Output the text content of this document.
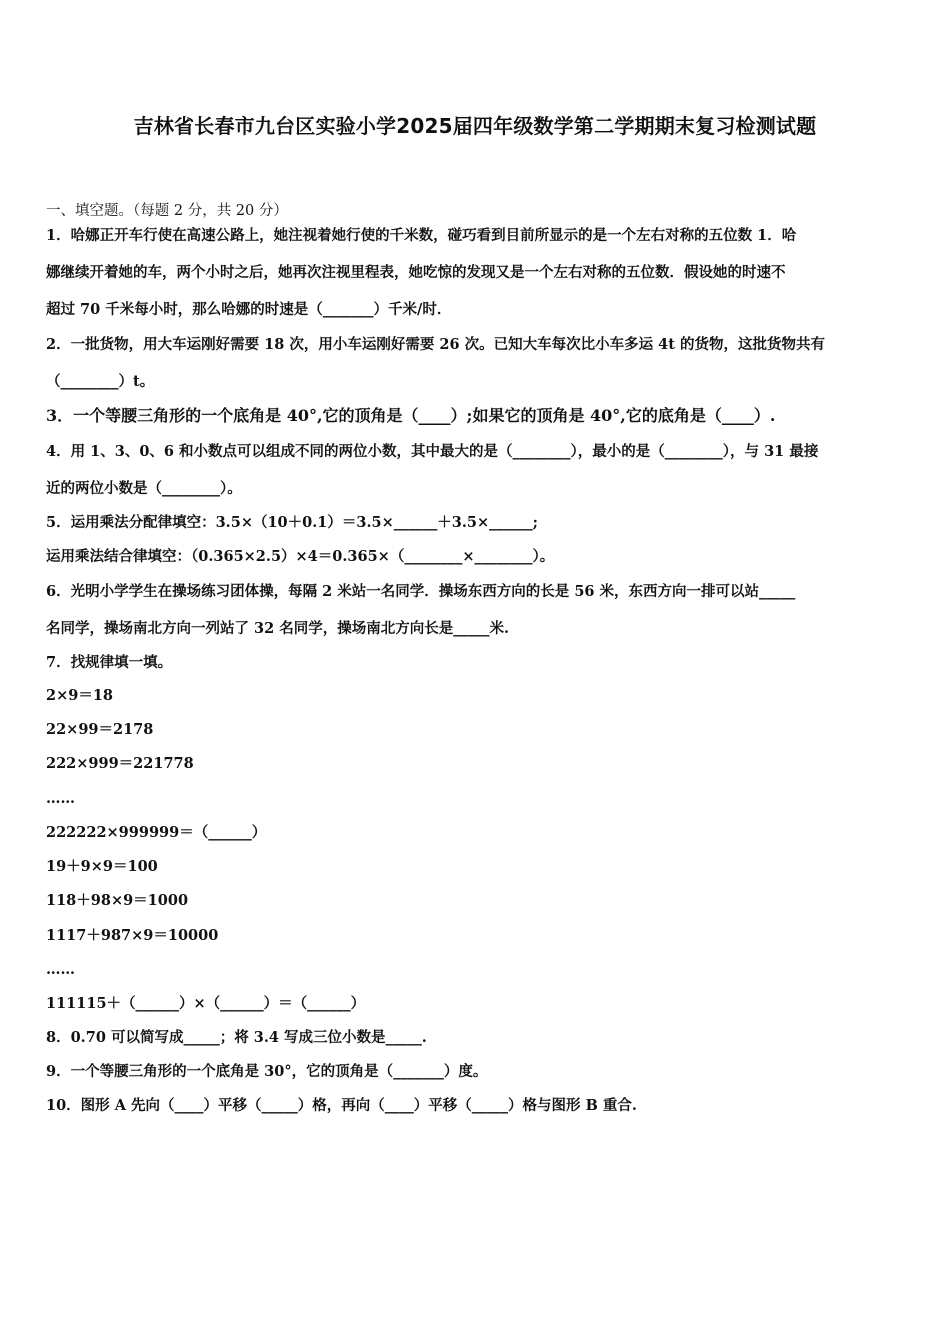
吉林省长春市九台区实验小学2025届四年级数学第二学期期末复习检测试题
一、填空题。（每题 2 分，共 20 分）
1．哈娜正开车行使在高速公路上，她注视着她行使的千米数，碰巧看到目前所显示的是一个左右对称的五位数 1．哈
娜继续开着她的车，两个小时之后，她再次注视里程表，她吃惊的发现又是一个左右对称的五位数．假设她的时速不
超过 70 千米每小时，那么哈娜的时速是（_______）千米/时．
2．一批货物，用大车运刚好需要 18 次，用小车运刚好需要 26 次。已知大车每次比小车多运 4t 的货物，这批货物共有
（________）t。
3．一个等腰三角形的一个底角是 40°,它的顶角是（____）;如果它的顶角是 40°,它的底角是（____）.
4．用 1、3、0、6 和小数点可以组成不同的两位小数，其中最大的是（________），最小的是（________），与 31 最接
近的两位小数是（________）。
5．运用乘法分配律填空：3.5×（10＋0.1）＝3.5×______＋3.5×______;
运用乘法结合律填空：（0.365×2.5）×4＝0.365×（________×________）。
6．光明小学学生在操场练习团体操，每隔 2 米站一名同学．操场东西方向的长是 56 米，东西方向一排可以站_____
名同学，操场南北方向一列站了 32 名同学，操场南北方向长是_____米.
7．找规律填一填。
2×9＝18
22×99＝2178
222×999＝221778
……
222222×999999＝（______）
19＋9×9＝100
118＋98×9＝1000
1117＋987×9＝10000
……
111115＋（______）×（______）＝（______）
8．0.70 可以简写成_____；将 3.4 写成三位小数是_____.
9．一个等腰三角形的一个底角是 30°，它的顶角是（_______）度。
10．图形 A 先向（____）平移（_____）格，再向（____）平移（_____）格与图形 B 重合.
